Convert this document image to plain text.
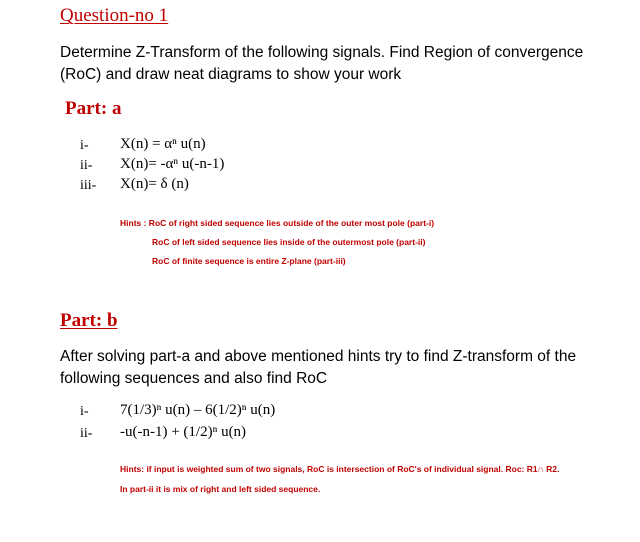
Question-no 1
Determine Z-Transform of the following signals. Find Region of convergence (RoC) and draw neat diagrams to show your work
Part: a
i- X(n) = αⁿ u(n)
ii- X(n)= -αⁿ u(-n-1)
iii- X(n)= δ (n)
Hints : RoC of right sided sequence lies outside of the outer most pole (part-i)
RoC of left sided sequence lies inside of the outermost pole (part-ii)
RoC of finite sequence is entire Z-plane (part-iii)
Part: b
After solving part-a and above mentioned hints try to find Z-transform of the following sequences and also find RoC
i- 7(1/3)ⁿ u(n) – 6(1/2)ⁿ u(n)
ii- -u(-n-1) + (1/2)ⁿ u(n)
Hints: if input is weighted sum of two signals, RoC is intersection of RoC's of individual signal. Roc: R1∩ R2.
In part-ii it is mix of right and left sided sequence.
